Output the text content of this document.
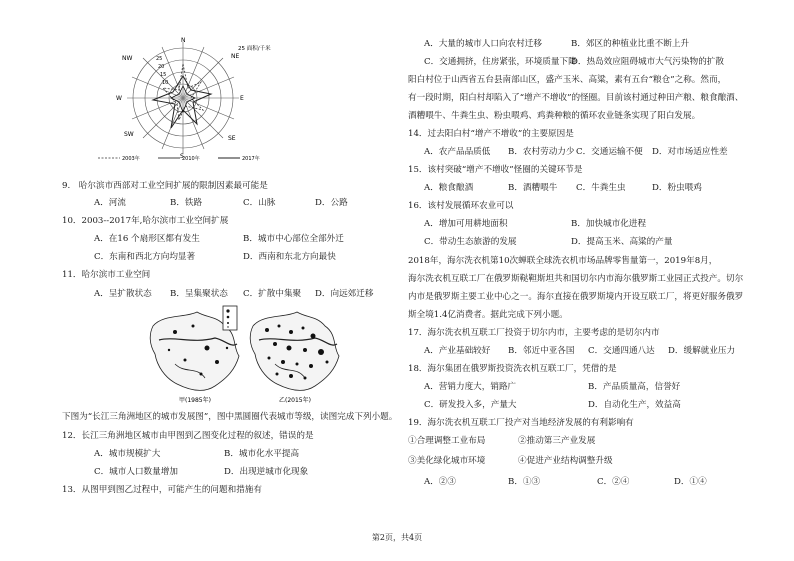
N
NE
E
SE
S
SW
W
NW
10
15
20
25
25 面积/千米
2003年	2010年	2017年
9.　哈尔滨市西部对工业空间扩展的限制因素最可能是
A．河流	B．铁路	C．山脉	D．公路
10．2003--2017年,哈尔滨市工业空间扩展
A．在16 个扇形区都有发生	B．城市中心部位全部外迁
C．东南和西北方向均显著	D．西南和东北方向最快
11．哈尔滨市工业空间
A．呈扩散状态 B．呈集聚状态 C．扩散中集聚 D．向远郊迁移
甲(1985年)	乙(2015年)
下图为“长江三角洲地区的城市发展图”，图中黑圆圈代表城市等级，读图完成下列小题。
12．长江三角洲地区城市由甲图到乙图变化过程的叙述，错误的是
A．城市规模扩大	B．城市化水平提高
C．城市人口数量增加	D．出现逆城市化现象
13．从图甲到图乙过程中，可能产生的问题和措施有
A．大量的城市人口向农村迁移	B．郊区的种植业比重不断上升
C．交通拥挤，住房紧张，环境质量下降
D．热岛效应阻碍城市大气污染物的扩散
阳白村位于山西省五台县南部山区，盛产玉米、高粱，素有五台“粮仓”之称。然而，
有一段时期，阳白村却陷入了“增产不增收”的怪圈。目前该村通过种田产粮、粮食酿酒、
酒糟喂牛、牛粪生虫、粉虫喂鸡、鸡粪种粮的循环农业链条实现了阳白发展。
14．过去阳白村“增产不增收”的主要原因是
A．农产品品质低 B．农村劳动力少 C．交通运输不便 D．对市场适应性差
15．该村突破“增产不增收”怪圈的关键环节是
A．粮食酿酒	B．酒糟喂牛 C．牛粪生虫	D．粉虫喂鸡
16．该村发展循环农业可以
A．增加可用耕地面积	B．加快城市化进程
C．带动生态旅游的发展	D．提高玉米、高粱的产量
2018年，海尔洗衣机第10次蝉联全球洗衣机市场品牌零售量第一，2019年8月，
海尔洗衣机互联工厂在俄罗斯鞑靼斯坦共和国切尔内市海尔俄罗斯工业园正式投产。切尔
内市是俄罗斯主要工业中心之一。海尔直接在俄罗斯境内开设互联工厂，将更好服务俄罗
斯全境1.4亿消费者。据此完成下列小题。
17．海尔洗衣机互联工厂投资于切尔内市，主要考虑的是切尔内市
A．产业基础较好 B．邻近中亚各国 C．交通四通八达 D．缓解就业压力
18．海尔集团在俄罗斯投资洗衣机互联工厂，凭借的是
A．营销力度大，销路广	B．产品质量高，信誉好
C．研发投入多，产量大	D．自动化生产，效益高
19．海尔洗衣机互联工厂投产对当地经济发展的有利影响有
①合理调整工业布局	②推动第三产业发展
③美化绿化城市环境	④促进产业结构调整升级
A．②③	B．①③	C．②④	D．①④
第2页，共4页
